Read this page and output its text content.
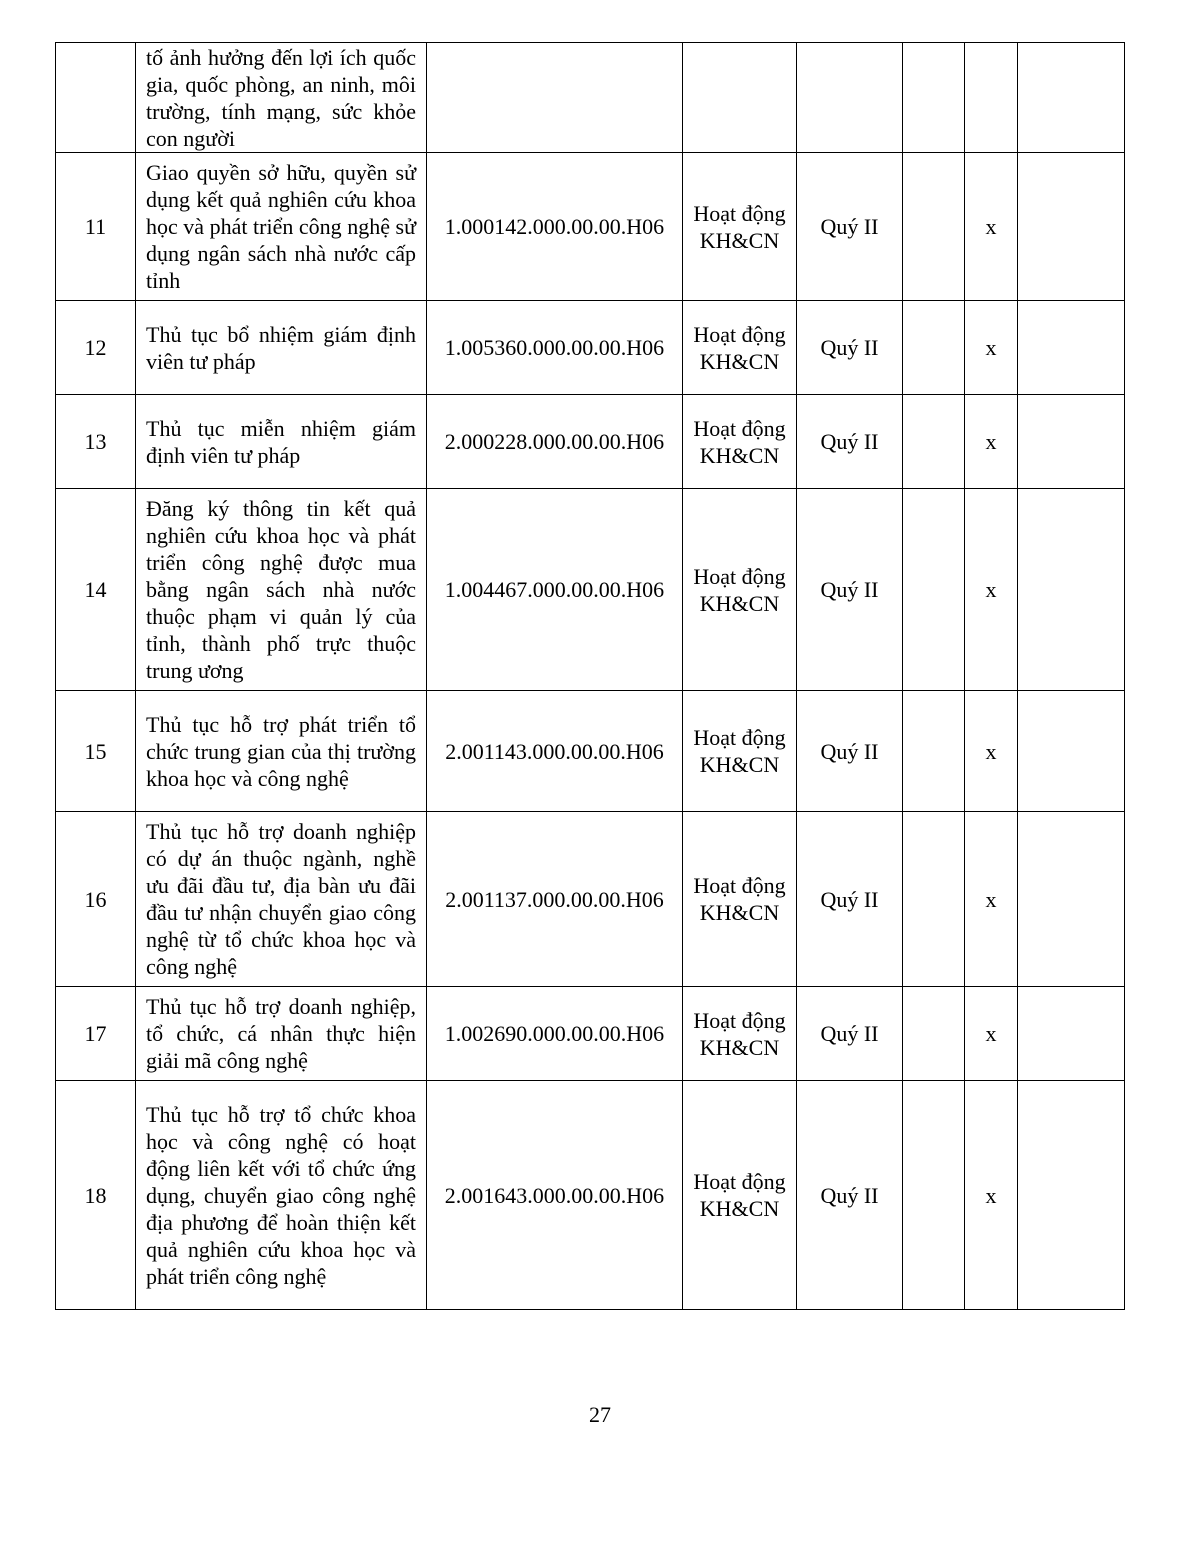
	tố ảnh hưởng đến lợi ích quốc gia, quốc phòng, an ninh, môi trường, tính mạng, sức khỏe con người						

11	Giao quyền sở hữu, quyền sử dụng kết quả nghiên cứu khoa học và phát triển công nghệ sử dụng ngân sách nhà nước cấp tỉnh	1.000142.000.00.00.H06	Hoạt động KH&CN	Quý II		x	
12	Thủ tục bổ nhiệm giám định viên tư pháp	1.005360.000.00.00.H06	Hoạt động KH&CN	Quý II		x	
13	Thủ tục miễn nhiệm giám định viên tư pháp	2.000228.000.00.00.H06	Hoạt động KH&CN	Quý II		x	
14	Đăng ký thông tin kết quả nghiên cứu khoa học và phát triển công nghệ được mua bằng ngân sách nhà nước thuộc phạm vi quản lý của tỉnh, thành phố trực thuộc trung ương	1.004467.000.00.00.H06	Hoạt động KH&CN	Quý II		x	
15	Thủ tục hỗ trợ phát triển tổ chức trung gian của thị trường khoa học và công nghệ	2.001143.000.00.00.H06	Hoạt động KH&CN	Quý II		x	
16	Thủ tục hỗ trợ doanh nghiệp có dự án thuộc ngành, nghề ưu đãi đầu tư, địa bàn ưu đãi đầu tư nhận chuyển giao công nghệ từ tổ chức khoa học và công nghệ	2.001137.000.00.00.H06	Hoạt động KH&CN	Quý II		x	
17	Thủ tục hỗ trợ doanh nghiệp, tổ chức, cá nhân thực hiện giải mã công nghệ	1.002690.000.00.00.H06	Hoạt động KH&CN	Quý II		x	
18	Thủ tục hỗ trợ tổ chức khoa học và công nghệ có hoạt động liên kết với tổ chức ứng dụng, chuyển giao công nghệ địa phương để hoàn thiện kết quả nghiên cứu khoa học và phát triển công nghệ	2.001643.000.00.00.H06	Hoạt động KH&CN	Quý II		x	
27
